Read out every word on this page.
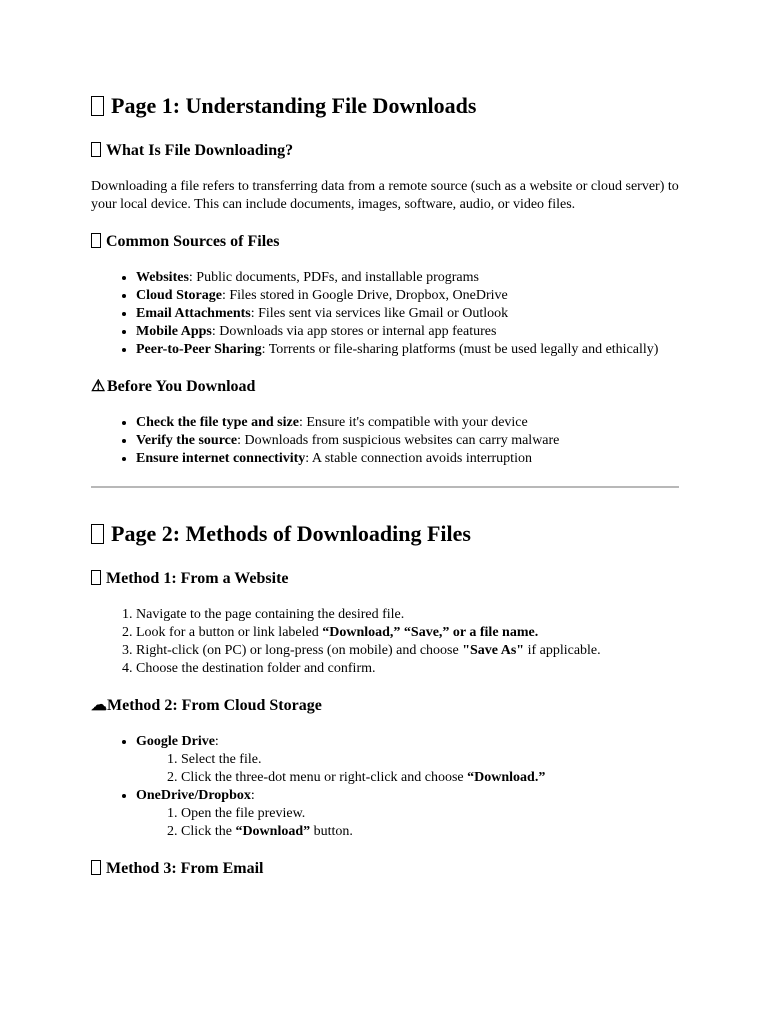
Page 1: Understanding File Downloads
What Is File Downloading?

Downloading a file refers to transferring data from a remote source (such as a website or cloud server) to your local device. This can include documents, images, software, audio, or video files.

Common Sources of Files
• Websites: Public documents, PDFs, and installable programs
• Cloud Storage: Files stored in Google Drive, Dropbox, OneDrive
• Email Attachments: Files sent via services like Gmail or Outlook
• Mobile Apps: Downloads via app stores or internal app features
• Peer-to-Peer Sharing: Torrents or file-sharing platforms (must be used legally and ethically)
⚠ Before You Download
• Check the file type and size: Ensure it's compatible with your device
• Verify the source: Downloads from suspicious websites can carry malware
• Ensure internet connectivity: A stable connection avoids interruption
Page 2: Methods of Downloading Files
Method 1: From a Website
1. Navigate to the page containing the desired file.
2. Look for a button or link labeled “Download,” “Save,” or a file name.
3. Right-click (on PC) or long-press (on mobile) and choose "Save As" if applicable.
4. Choose the destination folder and confirm.
☁Method 2: From Cloud Storage
• Google Drive:
1. Select the file.
2. Click the three-dot menu or right-click and choose “Download.”
• OneDrive/Dropbox:
1. Open the file preview.
2. Click the “Download” button.
Method 3: From Email
